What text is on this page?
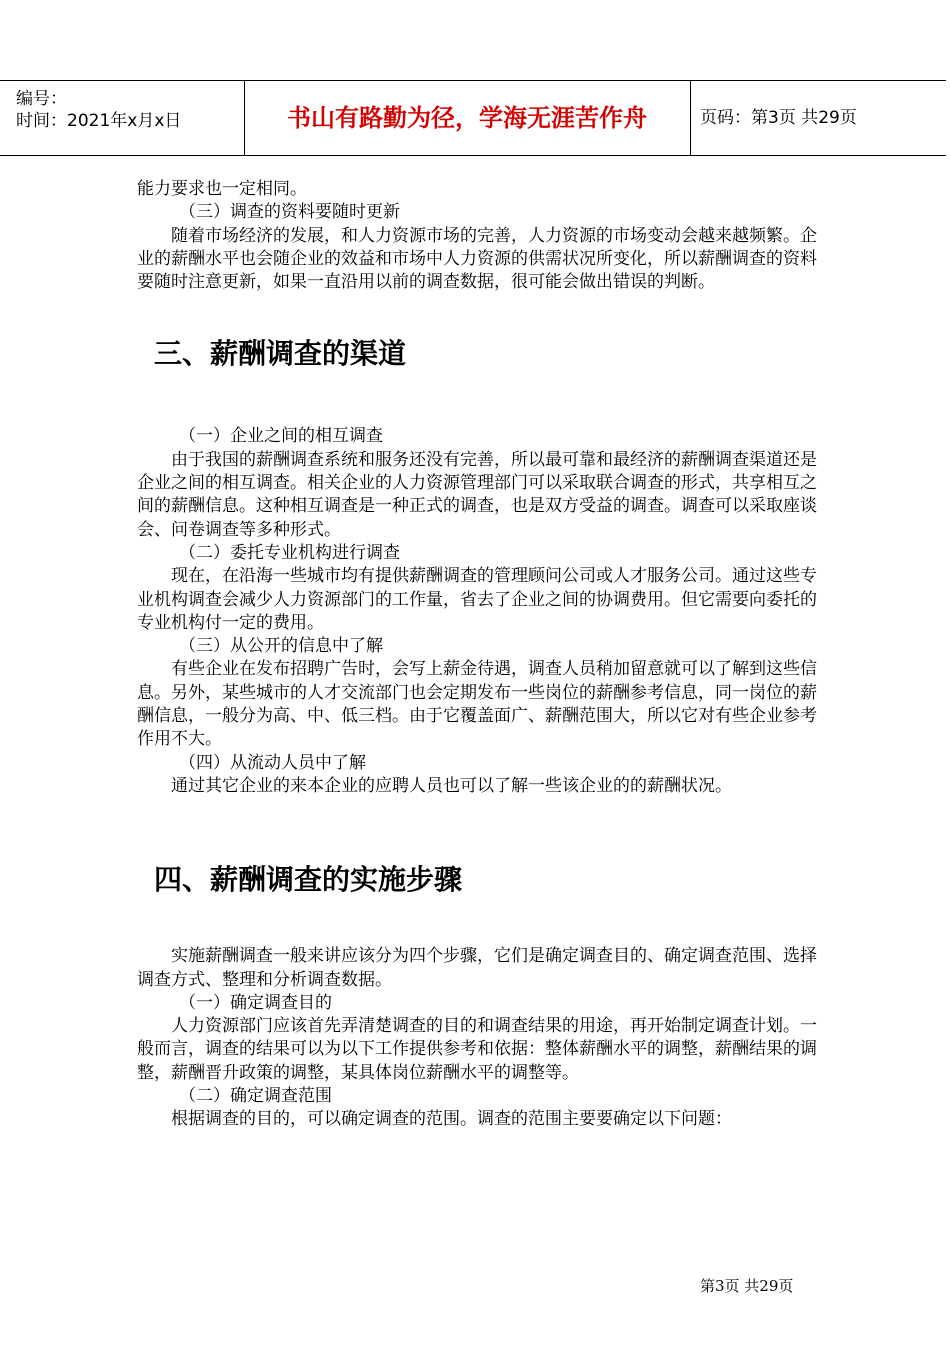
编号：
时间：2021年x月x日	书山有路勤为径，学海无涯苦作舟	页码：第3页 共29页

能力要求也一定相同。

（三）调查的资料要随时更新

随着市场经济的发展，和人力资源市场的完善，人力资源的市场变动会越来越频繁。企业的薪酬水平也会随企业的效益和市场中人力资源的供需状况所变化，所以薪酬调查的资料要随时注意更新，如果一直沿用以前的调查数据，很可能会做出错误的判断。

三、薪酬调查的渠道

（一）企业之间的相互调查

由于我国的薪酬调查系统和服务还没有完善，所以最可靠和最经济的薪酬调查渠道还是企业之间的相互调查。相关企业的人力资源管理部门可以采取联合调查的形式，共享相互之间的薪酬信息。这种相互调查是一种正式的调查，也是双方受益的调查。调查可以采取座谈会、问卷调查等多种形式。

（二）委托专业机构进行调查

现在，在沿海一些城市均有提供薪酬调查的管理顾问公司或人才服务公司。通过这些专业机构调查会减少人力资源部门的工作量，省去了企业之间的协调费用。但它需要向委托的专业机构付一定的费用。

（三）从公开的信息中了解

有些企业在发布招聘广告时，会写上薪金待遇，调查人员稍加留意就可以了解到这些信息。另外，某些城市的人才交流部门也会定期发布一些岗位的薪酬参考信息，同一岗位的薪酬信息，一般分为高、中、低三档。由于它覆盖面广、薪酬范围大，所以它对有些企业参考作用不大。

（四）从流动人员中了解

通过其它企业的来本企业的应聘人员也可以了解一些该企业的的薪酬状况。

四、薪酬调查的实施步骤

实施薪酬调查一般来讲应该分为四个步骤，它们是确定调查目的、确定调查范围、选择调查方式、整理和分析调查数据。

（一）确定调查目的

人力资源部门应该首先弄清楚调查的目的和调查结果的用途，再开始制定调查计划。一般而言，调查的结果可以为以下工作提供参考和依据：整体薪酬水平的调整，薪酬结果的调整，薪酬晋升政策的调整，某具体岗位薪酬水平的调整等。

（二）确定调查范围

根据调查的目的，可以确定调查的范围。调查的范围主要要确定以下问题：

第3页 共29页
